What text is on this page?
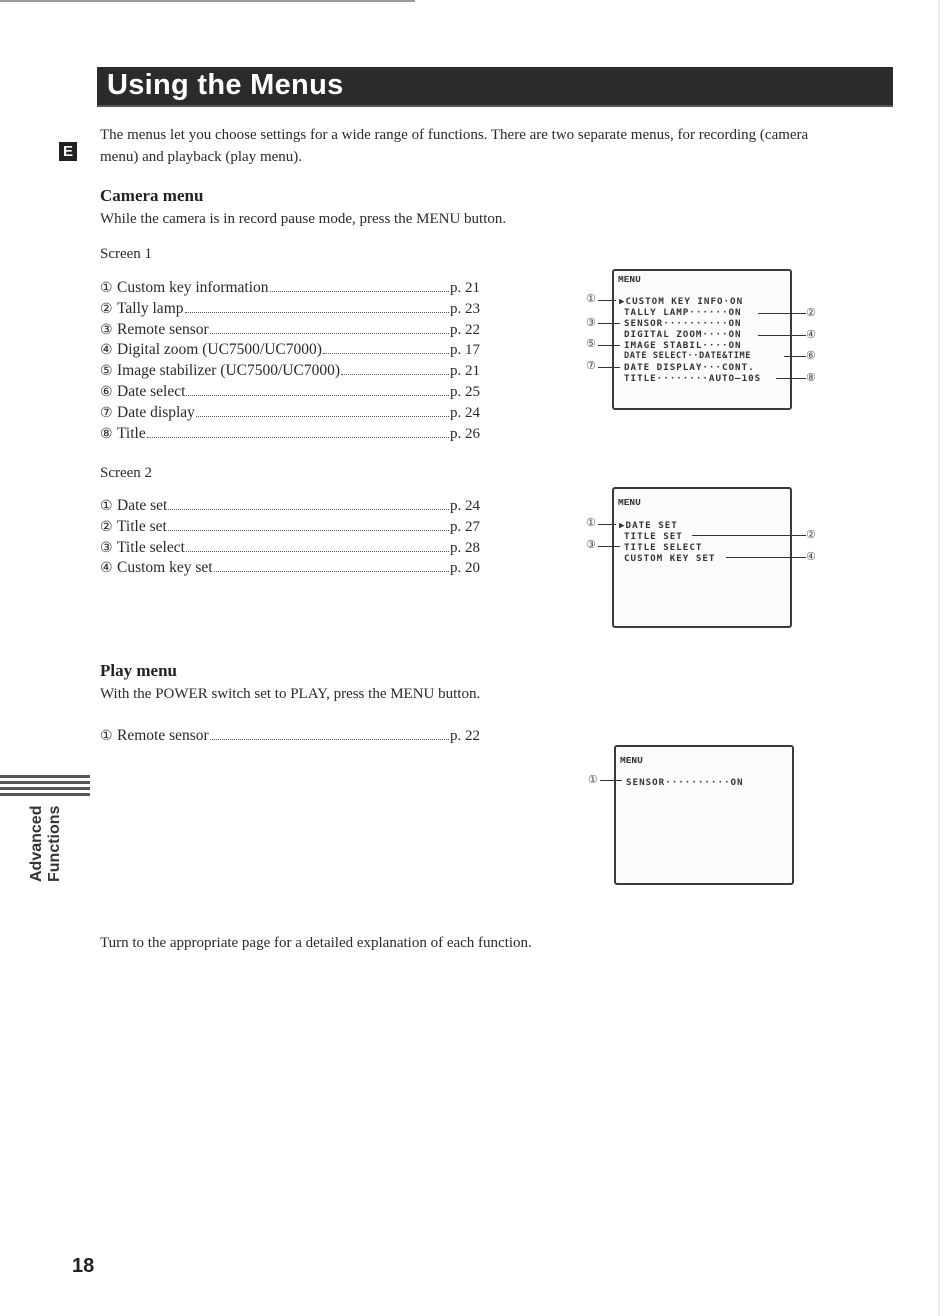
Using the Menus
E

The menus let you choose settings for a wide range of functions. There are two separate menus, for recording (camera menu) and playback (play menu).

Camera menu

While the camera is in record pause mode, press the MENU button.

Screen 1

① Custom key information	p. 21
② Tally lamp	p. 23
③ Remote sensor	p. 22
④ Digital zoom (UC7500/UC7000)	p. 17
⑤ Image stabilizer (UC7500/UC7000)	p. 21
⑥ Date select	p. 25
⑦ Date display	p. 24
⑧ Title	p. 26
MENU
▶CUSTOM KEY INFO·ON
TALLY LAMP······ON
SENSOR··········ON
DIGITAL ZOOM····ON
IMAGE STABIL····ON
DATE SELECT··DATE&TIME
DATE DISPLAY···CONT.
TITLE········AUTO–10S
①
③
⑤
⑦
②
④
⑥
⑧

Screen 2

① Date set	p. 24
② Title set	p. 27
③ Title select	p. 28
④ Custom key set	p. 20
MENU
▶DATE SET
TITLE SET
TITLE SELECT
CUSTOM KEY SET
①
③
②
④
Play menu

With the POWER switch set to PLAY, press the MENU button.

① Remote sensor	p. 22
MENU
SENSOR··········ON
①
Advanced Functions

Turn to the appropriate page for a detailed explanation of each function.

18
